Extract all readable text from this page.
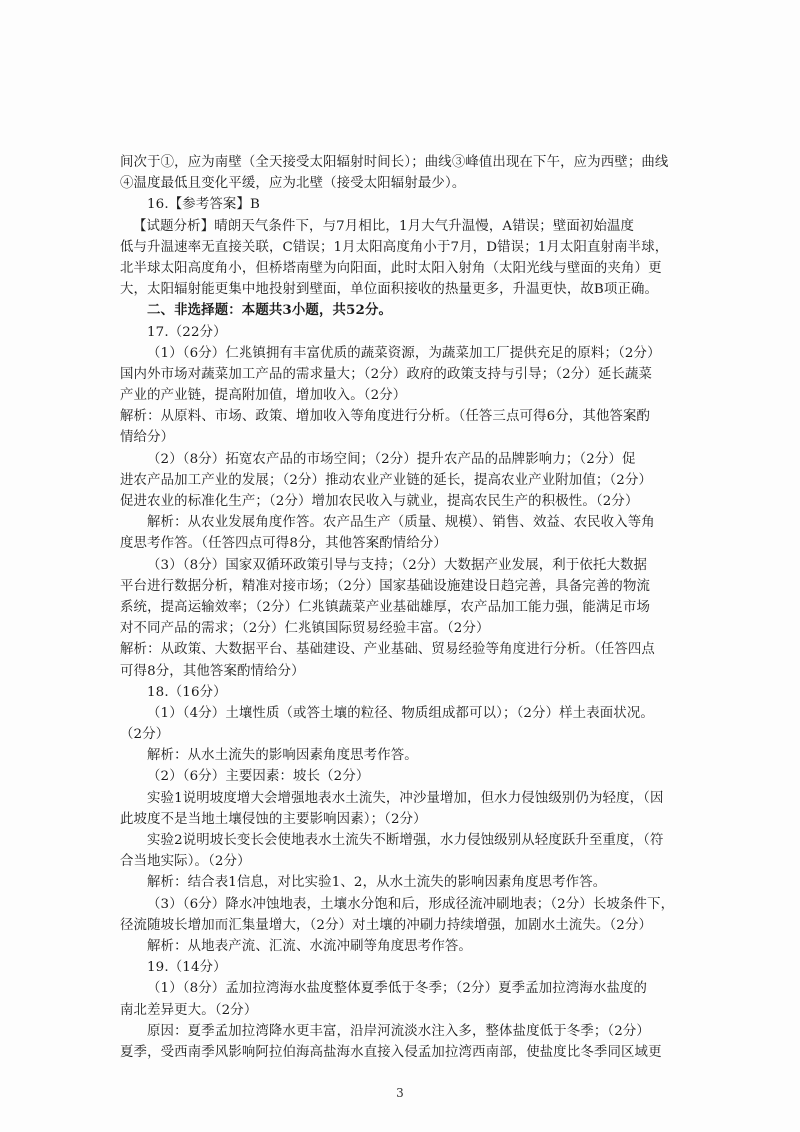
间次于①，应为南壁（全天接受太阳辐射时间长）；曲线③峰值出现在下午，应为西壁；曲线
④温度最低且变化平缓，应为北壁（接受太阳辐射最少）。
16.【参考答案】B
【试题分析】晴朗天气条件下，与7月相比，1月大气升温慢，A错误；壁面初始温度
低与升温速率无直接关联，C错误；1月太阳高度角小于7月，D错误；1月太阳直射南半球，
北半球太阳高度角小，但桥塔南壁为向阳面，此时太阳入射角（太阳光线与壁面的夹角）更
大，太阳辐射能更集中地投射到壁面，单位面积接收的热量更多，升温更快，故B项正确。
二、非选择题：本题共3小题，共52分。
17.（22分）
（1）（6分）仁兆镇拥有丰富优质的蔬菜资源，为蔬菜加工厂提供充足的原料；（2分）
国内外市场对蔬菜加工产品的需求量大；（2分）政府的政策支持与引导；（2分）延长蔬菜
产业的产业链，提高附加值，增加收入。（2分）
解析：从原料、市场、政策、增加收入等角度进行分析。（任答三点可得6分，其他答案酌
情给分）
（2）（8分）拓宽农产品的市场空间；（2分）提升农产品的品牌影响力；（2分）促
进农产品加工产业的发展；（2分）推动农业产业链的延长，提高农业产业附加值；（2分）
促进农业的标准化生产；（2分）增加农民收入与就业，提高农民生产的积极性。（2分）
解析：从农业发展角度作答。农产品生产（质量、规模）、销售、效益、农民收入等角
度思考作答。（任答四点可得8分，其他答案酌情给分）
（3）（8分）国家双循环政策引导与支持；（2分）大数据产业发展，利于依托大数据
平台进行数据分析，精准对接市场；（2分）国家基础设施建设日趋完善，具备完善的物流
系统，提高运输效率；（2分）仁兆镇蔬菜产业基础雄厚，农产品加工能力强，能满足市场
对不同产品的需求；（2分）仁兆镇国际贸易经验丰富。（2分）
解析：从政策、大数据平台、基础建设、产业基础、贸易经验等角度进行分析。（任答四点
可得8分，其他答案酌情给分）
18.（16分）
（1）（4分）土壤性质（或答土壤的粒径、物质组成都可以）；（2分）样土表面状况。
（2分）
解析：从水土流失的影响因素角度思考作答。
（2）（6分）主要因素：坡长（2分）
实验1说明坡度增大会增强地表水土流失，冲沙量增加，但水力侵蚀级别仍为轻度，（因
此坡度不是当地土壤侵蚀的主要影响因素）；（2分）
实验2说明坡长变长会使地表水土流失不断增强，水力侵蚀级别从轻度跃升至重度，（符
合当地实际）。（2分）
解析：结合表1信息，对比实验1、2，从水土流失的影响因素角度思考作答。
（3）（6分）降水冲蚀地表，土壤水分饱和后，形成径流冲刷地表；（2分）长坡条件下，
径流随坡长增加而汇集量增大，（2分）对土壤的冲刷力持续增强，加剧水土流失。（2分）
解析：从地表产流、汇流、水流冲刷等角度思考作答。
19.（14分）
（1）（8分）孟加拉湾海水盐度整体夏季低于冬季；（2分）夏季孟加拉湾海水盐度的
南北差异更大。（2分）
原因：夏季孟加拉湾降水更丰富，沿岸河流淡水注入多，整体盐度低于冬季；（2分）
夏季，受西南季风影响阿拉伯海高盐海水直接入侵孟加拉湾西南部，使盐度比冬季同区域更
3
